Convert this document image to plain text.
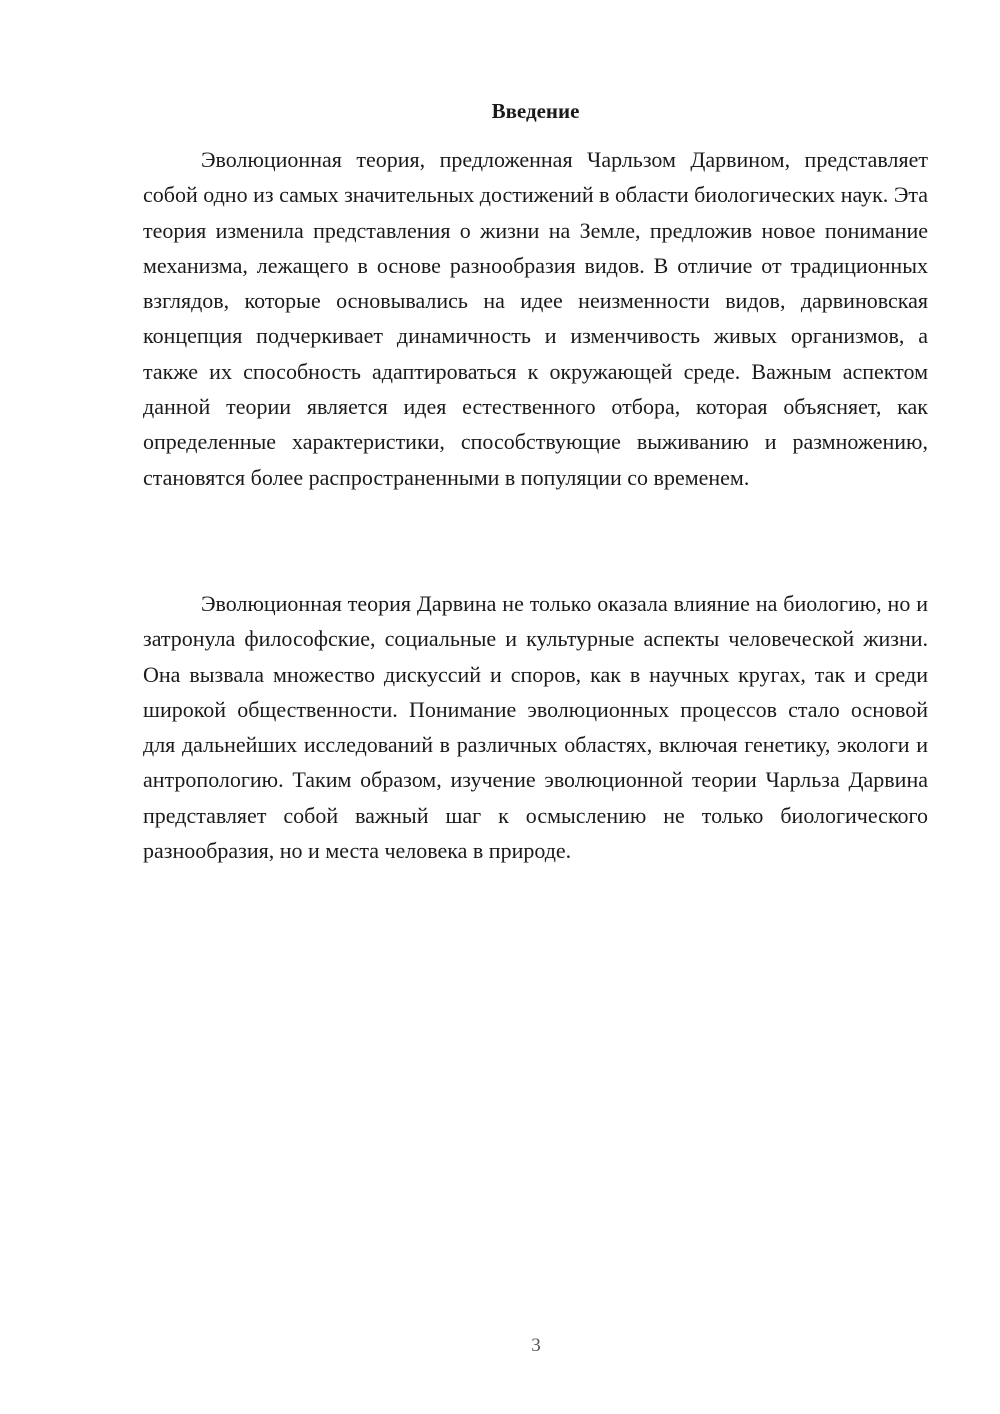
Введение

Эволюционная теория, предложенная Чарльзом Дарвином, представляет собой одно из самых значительных достижений в области биологических наук. Эта теория изменила представления о жизни на Земле, предложив новое понимание механизма, лежащего в основе разнообразия видов. В отличие от традиционных взглядов, которые основывались на идее неизменности видов, дарвиновская концепция подчеркивает динамичность и изменчивость живых организмов, а также их способность адаптироваться к окружающей среде. Важным аспектом данной теории является идея естественного отбора, которая объясняет, как определенные характеристики, способствующие выживанию и размножению, становятся более распространенными в популяции со временем.

Эволюционная теория Дарвина не только оказала влияние на биологию, но и затронула философские, социальные и культурные аспекты человеческой жизни. Она вызвала множество дискуссий и споров, как в научных кругах, так и среди широкой общественности. Понимание эволюционных процессов стало основой для дальнейших исследований в различных областях, включая генетику, экологи и антропологию. Таким образом, изучение эволюционной теории Чарльза Дарвина представляет собой важный шаг к осмыслению не только биологического разнообразия, но и места человека в природе.

3
